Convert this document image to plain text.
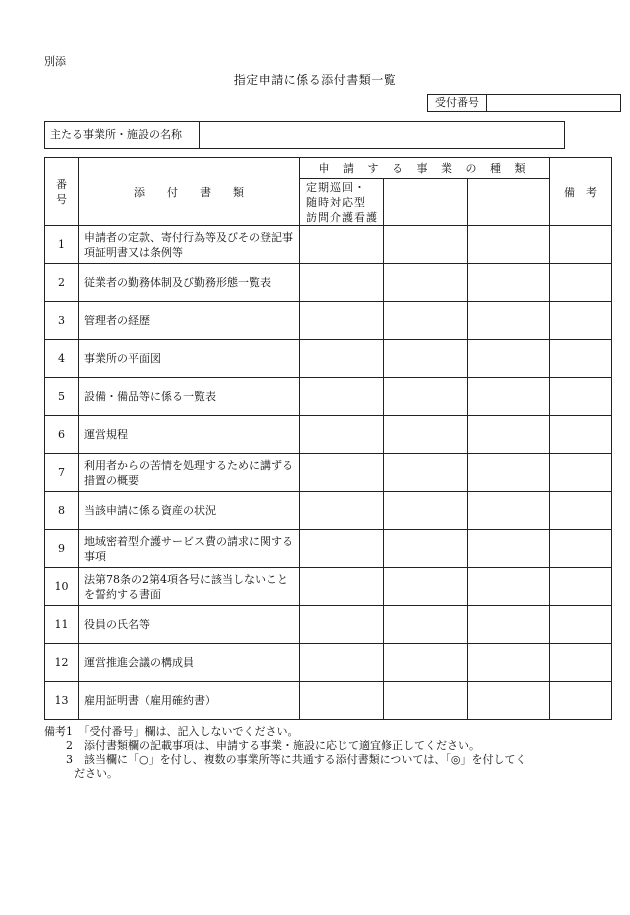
別添
指定申請に係る添付書類一覧
受付番号
主たる事業所・施設の名称
番
号	添　　付　　書　　類	申 請 す る 事 業 の 種 類			備　考
		定期巡回・
随時対応型
訪問介護看護			
1	申請者の定款、寄付行為等及びその登記事項証明書又は条例等				
2	従業者の勤務体制及び勤務形態一覧表				
3	管理者の経歴				
4	事業所の平面図				
5	設備・備品等に係る一覧表				
6	運営規程				
7	利用者からの苦情を処理するために講ずる措置の概要				
8	当該申請に係る資産の状況				
9	地域密着型介護サービス費の請求に関する事項				
10	法第78条の2第4項各号に該当しないことを誓約する書面				
11	役員の氏名等				
12	運営推進会議の構成員				
13	雇用証明書（雇用確約書）				
備考1　「受付番号」欄は、記入しないでください。
2　添付書類欄の記載事項は、申請する事業・施設に応じて適宜修正してください。
3　該当欄に「○」を付し、複数の事業所等に共通する添付書類については、「◎」を付してく
ださい。
